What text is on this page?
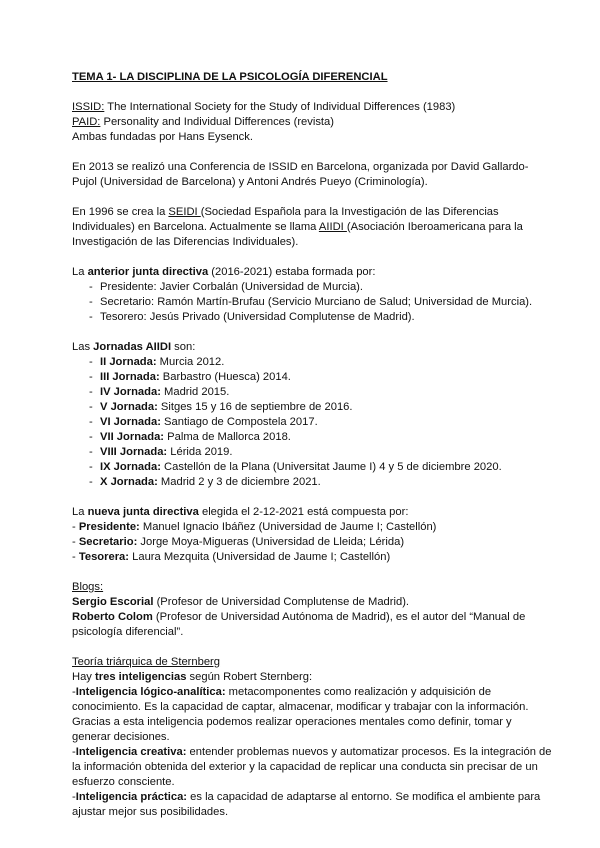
TEMA 1- LA DISCIPLINA DE LA PSICOLOGÍA DIFERENCIAL
ISSID: The International Society for the Study of Individual Differences (1983)
PAID: Personality and Individual Differences (revista)
Ambas fundadas por Hans Eysenck.
En 2013 se realizó una Conferencia de ISSID en Barcelona, organizada por David Gallardo-Pujol (Universidad de Barcelona) y Antoni Andrés Pueyo (Criminología).
En 1996 se crea la SEIDI (Sociedad Española para la Investigación de las Diferencias Individuales) en Barcelona. Actualmente se llama AIIDI (Asociación Iberoamericana para la Investigación de las Diferencias Individuales).
La anterior junta directiva (2016-2021) estaba formada por:
- Presidente: Javier Corbalán (Universidad de Murcia).
- Secretario: Ramón Martín-Brufau (Servicio Murciano de Salud; Universidad de Murcia).
- Tesorero: Jesús Privado (Universidad Complutense de Madrid).
Las Jornadas AIIDI son:
- II Jornada: Murcia 2012.
- III Jornada: Barbastro (Huesca) 2014.
- IV Jornada: Madrid 2015.
- V Jornada: Sitges 15 y 16 de septiembre de 2016.
- VI Jornada: Santiago de Compostela 2017.
- VII Jornada: Palma de Mallorca 2018.
- VIII Jornada: Lérida 2019.
- IX Jornada: Castellón de la Plana (Universitat Jaume I) 4 y 5 de diciembre 2020.
- X Jornada: Madrid 2 y 3 de diciembre 2021.
La nueva junta directiva elegida el 2-12-2021 está compuesta por:
- Presidente: Manuel Ignacio Ibáñez (Universidad de Jaume I; Castellón)
- Secretario: Jorge Moya-Migueras (Universidad de Lleida; Lérida)
- Tesorera: Laura Mezquita (Universidad de Jaume I; Castellón)
Blogs:
Sergio Escorial (Profesor de Universidad Complutense de Madrid).
Roberto Colom (Profesor de Universidad Autónoma de Madrid), es el autor del “Manual de psicología diferencial”.
Teoría triárquica de Sternberg
Hay tres inteligencias según Robert Sternberg:
-Inteligencia lógico-analítica: metacomponentes como realización y adquisición de conocimiento. Es la capacidad de captar, almacenar, modificar y trabajar con la información. Gracias a esta inteligencia podemos realizar operaciones mentales como definir, tomar y generar decisiones.
-Inteligencia creativa: entender problemas nuevos y automatizar procesos. Es la integración de la información obtenida del exterior y la capacidad de replicar una conducta sin precisar de un esfuerzo consciente.
-Inteligencia práctica: es la capacidad de adaptarse al entorno. Se modifica el ambiente para ajustar mejor sus posibilidades.
